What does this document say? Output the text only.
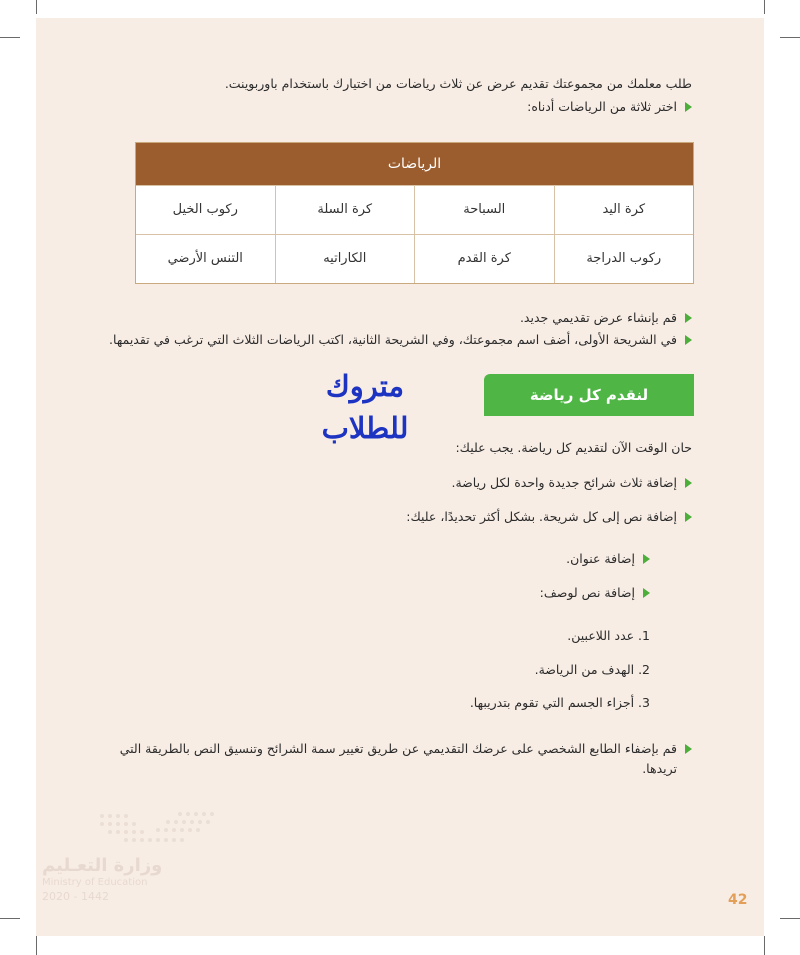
طلب معلمك من مجموعتك تقديم عرض عن ثلاث رياضات من اختيارك باستخدام باوربوينت.
اختر ثلاثة من الرياضات أدناه:
الرياضات
كرة اليد
السباحة
كرة السلة
ركوب الخيل
ركوب الدراجة
كرة القدم
الكاراتيه
التنس الأرضي
قم بإنشاء عرض تقديمي جديد.
في الشريحة الأولى، أضف اسم مجموعتك، وفي الشريحة الثانية، اكتب الرياضات الثلاث التي ترغب في تقديمها.
لنقدم كل رياضة
متروك للطلاب
حان الوقت الآن لتقديم كل رياضة. يجب عليك:
إضافة ثلاث شرائح جديدة واحدة لكل رياضة.
إضافة نص إلى كل شريحة. بشكل أكثر تحديدًا، عليك:
إضافة عنوان.
إضافة نص لوصف:
1. عدد اللاعبين.
2. الهدف من الرياضة.
3. أجزاء الجسم التي تقوم بتدريبها.
قم بإضفاء الطابع الشخصي على عرضك التقديمي عن طريق تغيير سمة الشرائح وتنسيق النص بالطريقة التي
تريدها.
وزارة التعـليم
Ministry of Education
2020 - 1442	42
